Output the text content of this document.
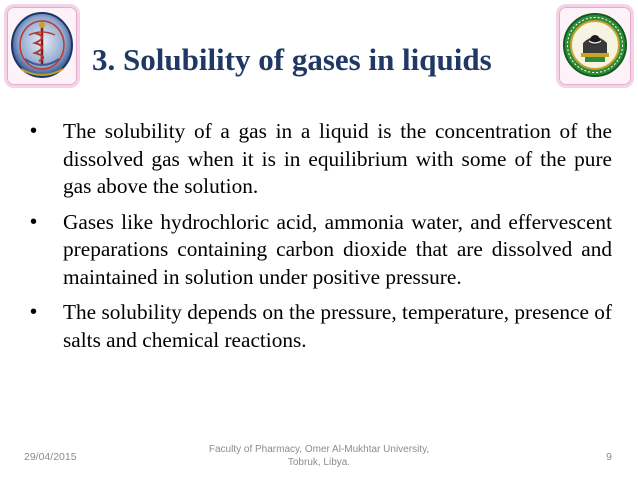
3. Solubility of gases in liquids
• The solubility of a gas in a liquid is the concentration of the dissolved gas when it is in equilibrium with some of the pure gas above the solution.
• Gases like hydrochloric acid, ammonia water, and effervescent preparations containing carbon dioxide that are dissolved and maintained in solution under positive pressure.
• The solubility depends on the pressure, temperature, presence of salts and chemical reactions.
29/04/2015
Faculty of Pharmacy, Omer Al-Mukhtar University,
Tobruk, Libya.	9
